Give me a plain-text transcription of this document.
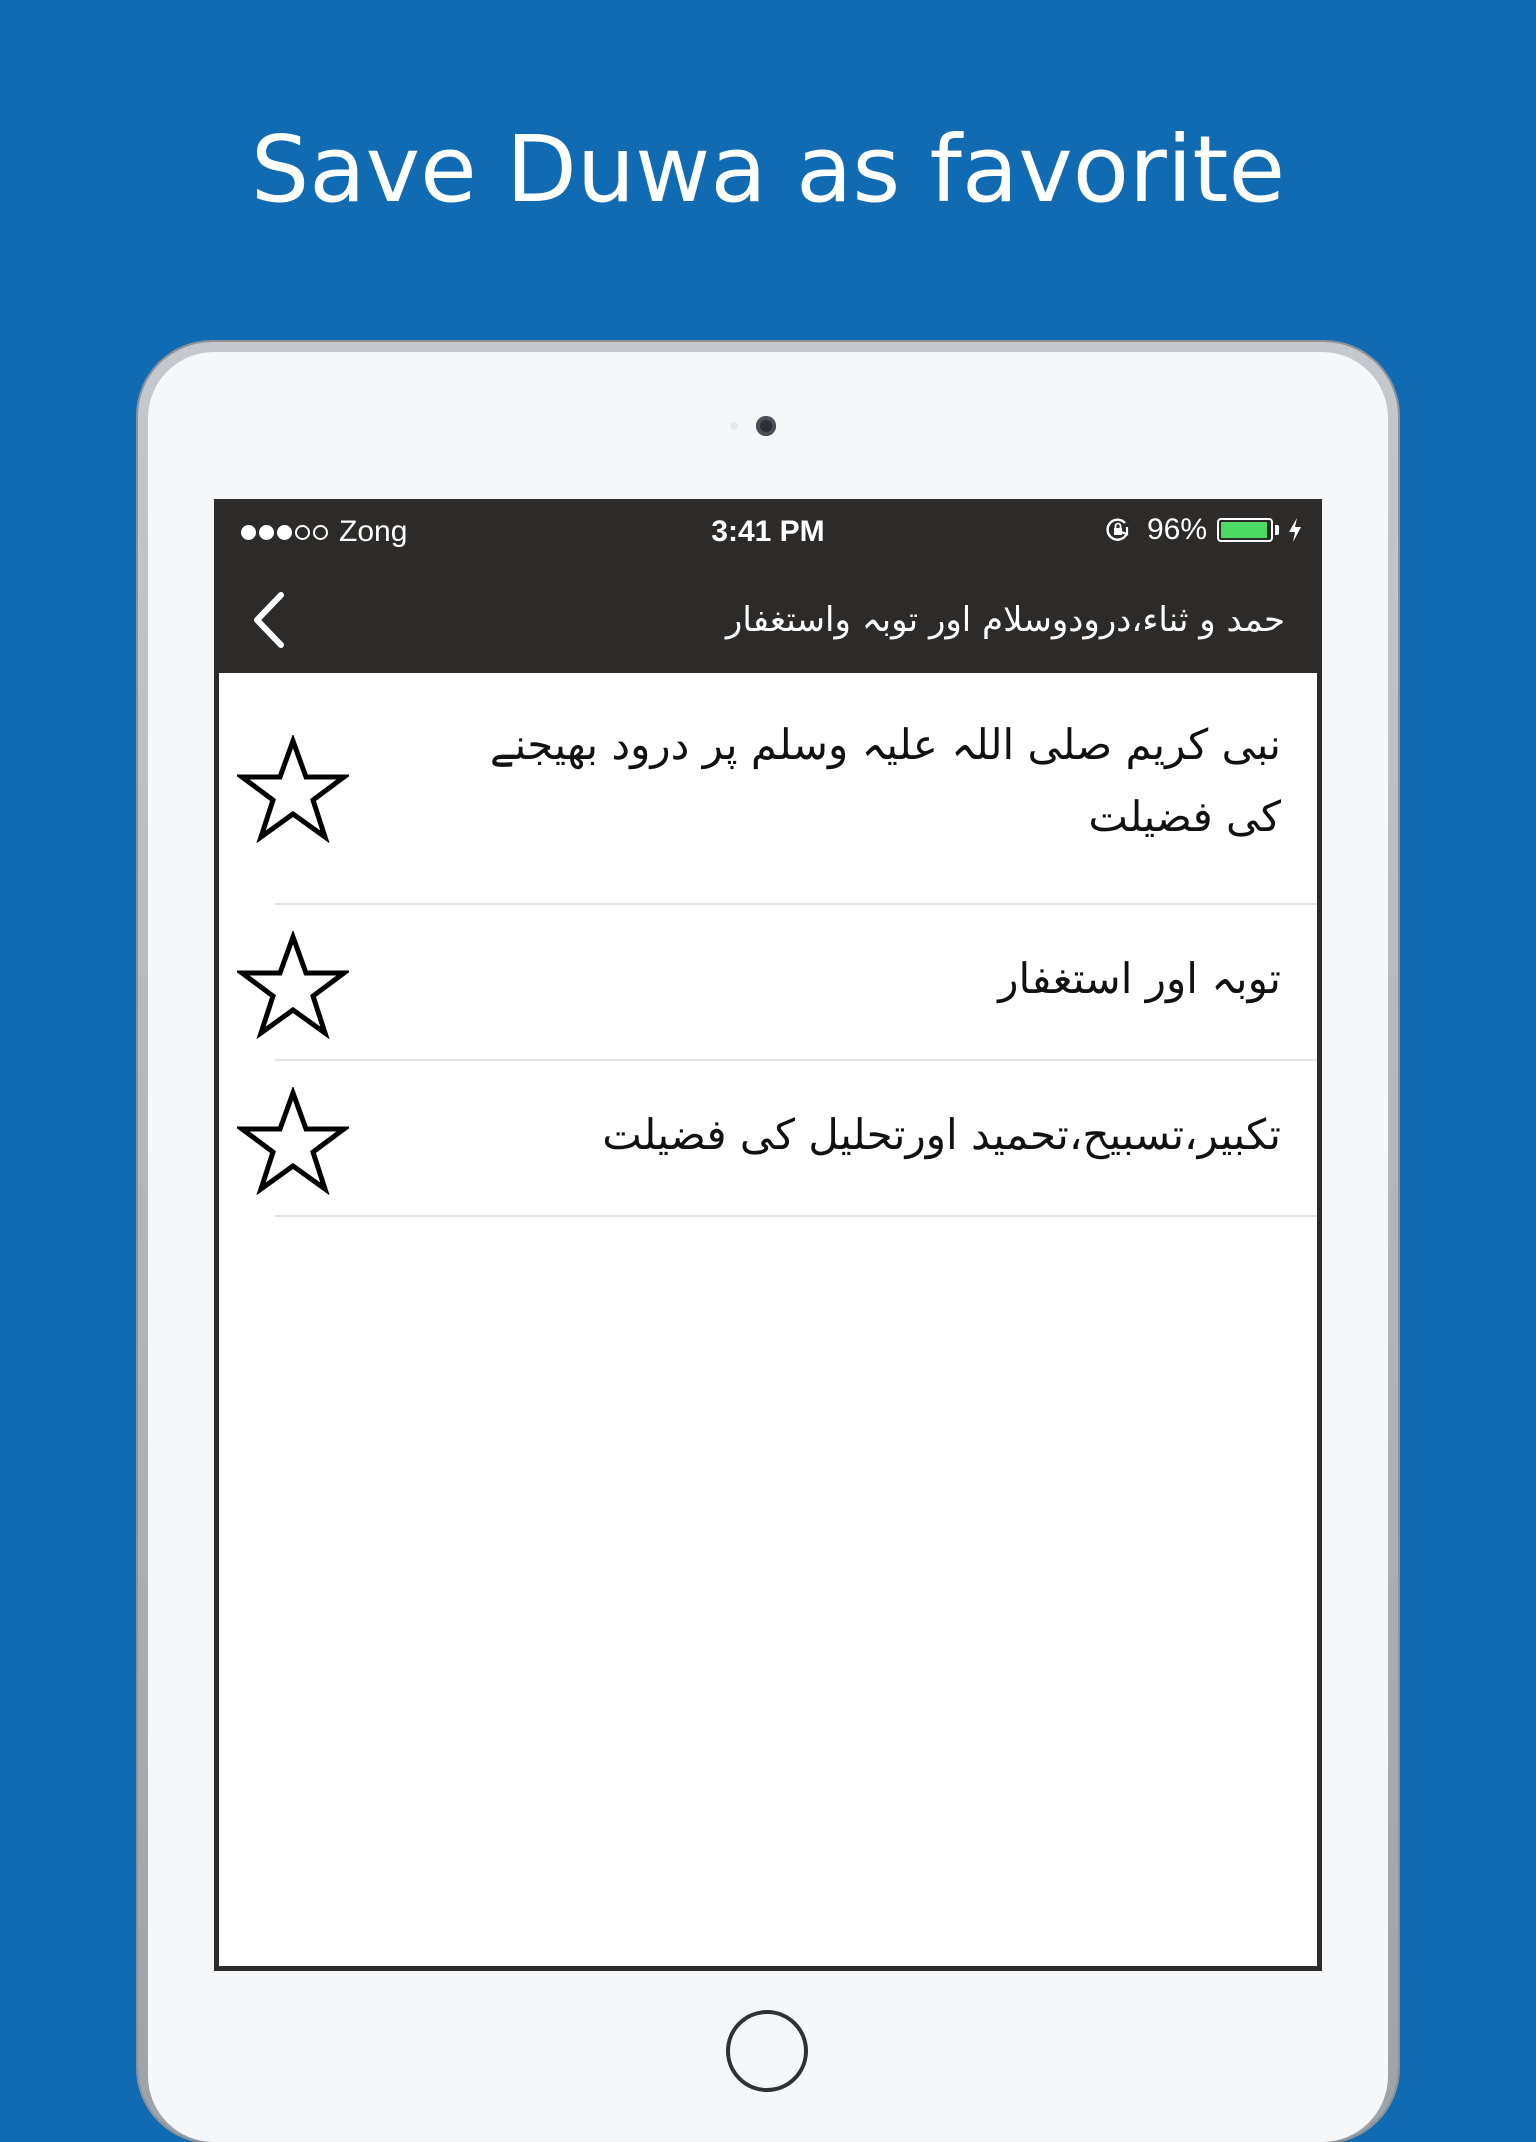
Save Duwa as favorite
Zong	3:41 PM	96%
حمد و ثناء،درودوسلام اور توبہ واستغفار
نبی کریم صلی اللہ علیہ وسلم پر درود بھیجنے کی فضیلت
توبہ اور استغفار
تکبیر،تسبیح،تحمید اورتحلیل کی فضیلت
